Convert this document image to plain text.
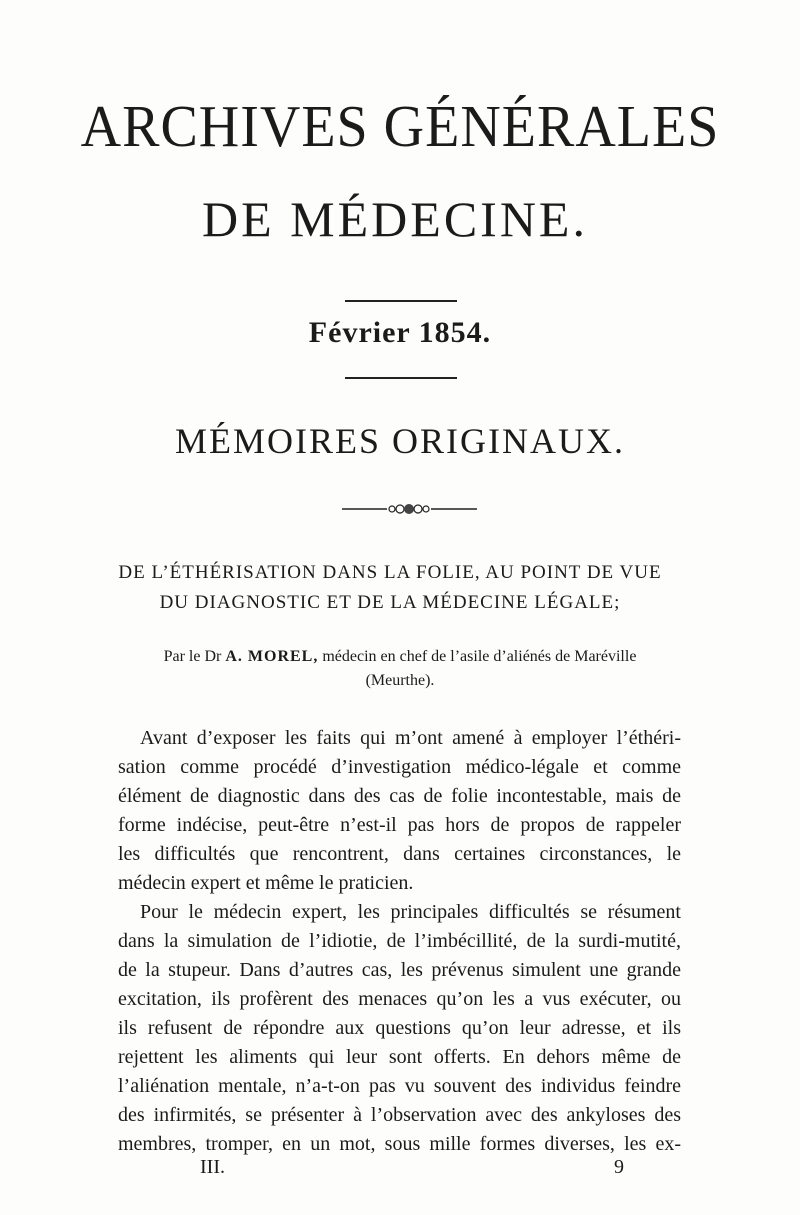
ARCHIVES GÉNÉRALES
DE MÉDECINE.
Février 1854.
MÉMOIRES ORIGINAUX.
DE L’ÉTHÉRISATION DANS LA FOLIE, AU POINT DE VUE
DU DIAGNOSTIC ET DE LA MÉDECINE LÉGALE;
Par le Dr A. MOREL, médecin en chef de l’asile d’aliénés de Maréville
(Meurthe).
Avant d’exposer les faits qui m’ont amené à employer l’éthéri-
sation comme procédé d’investigation médico-légale et comme
élément de diagnostic dans des cas de folie incontestable, mais de
forme indécise, peut-être n’est-il pas hors de propos de rappeler
les difficultés que rencontrent, dans certaines circonstances, le
médecin expert et même le praticien.
Pour le médecin expert, les principales difficultés se résument
dans la simulation de l’idiotie, de l’imbécillité, de la surdi-mutité,
de la stupeur. Dans d’autres cas, les prévenus simulent une grande
excitation, ils profèrent des menaces qu’on les a vus exécuter, ou
ils refusent de répondre aux questions qu’on leur adresse, et ils
rejettent les aliments qui leur sont offerts. En dehors même de
l’aliénation mentale, n’a-t-on pas vu souvent des individus feindre
des infirmités, se présenter à l’observation avec des ankyloses des
membres, tromper, en un mot, sous mille formes diverses, les ex-
III.	9
